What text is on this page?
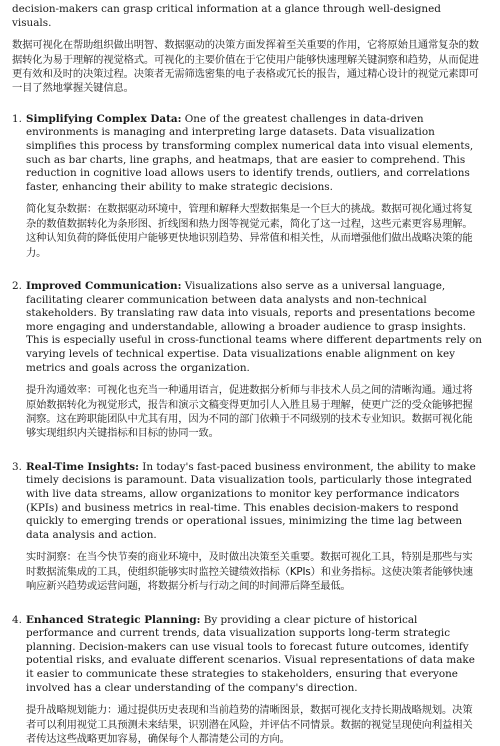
decision-makers can grasp critical information at a glance through well-designed visuals.

数据可视化在帮助组织做出明智、数据驱动的决策方面发挥着至关重要的作用，它将原始且通常复杂的数据转化为易于理解的视觉格式。可视化的主要价值在于它使用户能够快速理解关键洞察和趋势，从而促进更有效和及时的决策过程。决策者无需筛选密集的电子表格或冗长的报告，通过精心设计的视觉元素即可一目了然地掌握关键信息。

1. Simplifying Complex Data: One of the greatest challenges in data-driven environments is managing and interpreting large datasets. Data visualization simplifies this process by transforming complex numerical data into visual elements, such as bar charts, line graphs, and heatmaps, that are easier to comprehend. This reduction in cognitive load allows users to identify trends, outliers, and correlations faster, enhancing their ability to make strategic decisions.

简化复杂数据：在数据驱动环境中，管理和解释大型数据集是一个巨大的挑战。数据可视化通过将复杂的数值数据转化为条形图、折线图和热力图等视觉元素，简化了这一过程，这些元素更容易理解。这种认知负荷的降低使用户能够更快地识别趋势、异常值和相关性，从而增强他们做出战略决策的能力。

2. Improved Communication: Visualizations also serve as a universal language, facilitating clearer communication between data analysts and non-technical stakeholders. By translating raw data into visuals, reports and presentations become more engaging and understandable, allowing a broader audience to grasp insights. This is especially useful in cross-functional teams where different departments rely on varying levels of technical expertise. Data visualizations enable alignment on key metrics and goals across the organization.

提升沟通效率：可视化也充当一种通用语言，促进数据分析师与非技术人员之间的清晰沟通。通过将原始数据转化为视觉形式，报告和演示文稿变得更加引人入胜且易于理解，使更广泛的受众能够把握洞察。这在跨职能团队中尤其有用，因为不同的部门依赖于不同级别的技术专业知识。数据可视化能够实现组织内关键指标和目标的协同一致。

3. Real-Time Insights: In today's fast-paced business environment, the ability to make timely decisions is paramount. Data visualization tools, particularly those integrated with live data streams, allow organizations to monitor key performance indicators (KPIs) and business metrics in real-time. This enables decision-makers to respond quickly to emerging trends or operational issues, minimizing the time lag between data analysis and action.

实时洞察：在当今快节奏的商业环境中，及时做出决策至关重要。数据可视化工具，特别是那些与实时数据流集成的工具，使组织能够实时监控关键绩效指标（KPIs）和业务指标。这使决策者能够快速响应新兴趋势或运营问题，将数据分析与行动之间的时间滞后降至最低。

4. Enhanced Strategic Planning: By providing a clear picture of historical performance and current trends, data visualization supports long-term strategic planning. Decision-makers can use visual tools to forecast future outcomes, identify potential risks, and evaluate different scenarios. Visual representations of data make it easier to communicate these strategies to stakeholders, ensuring that everyone involved has a clear understanding of the company's direction.

提升战略规划能力：通过提供历史表现和当前趋势的清晰图景，数据可视化支持长期战略规划。决策者可以利用视觉工具预测未来结果，识别潜在风险，并评估不同情景。数据的视觉呈现使向利益相关者传达这些战略更加容易，确保每个人都清楚公司的方向。
